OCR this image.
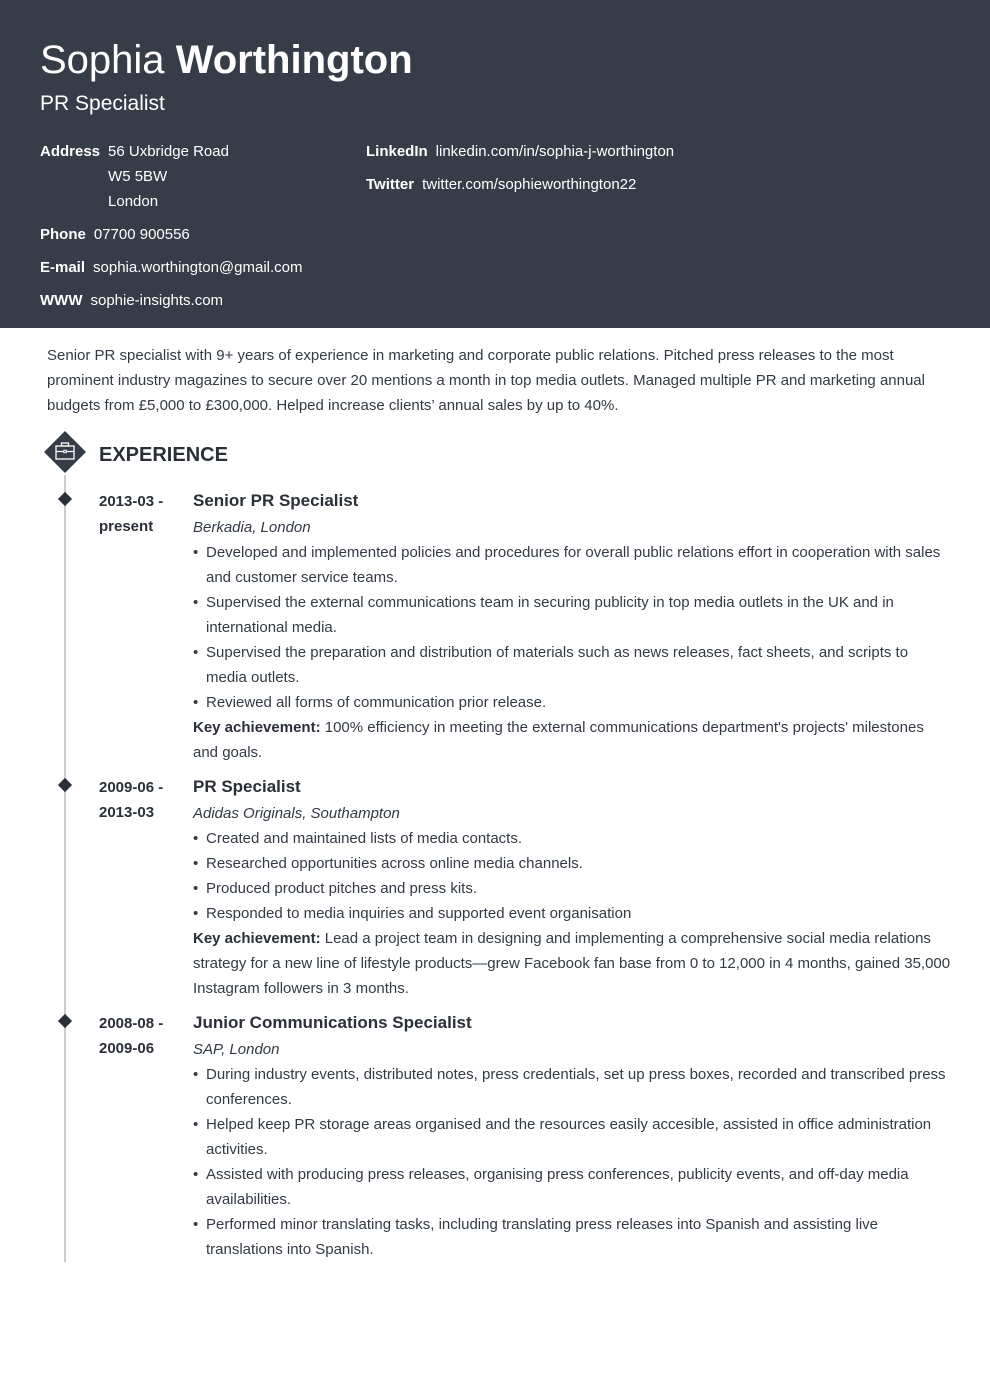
Sophia Worthington
PR Specialist
Address 56 Uxbridge Road
W5 5BW
London
Phone 07700 900556
E-mail sophia.worthington@gmail.com
WWW sophie-insights.com
LinkedIn linkedin.com/in/sophia-j-worthington
Twitter twitter.com/sophieworthington22
Senior PR specialist with 9+ years of experience in marketing and corporate public relations. Pitched press releases to the most prominent industry magazines to secure over 20 mentions a month in top media outlets. Managed multiple PR and marketing annual budgets from £5,000 to £300,000. Helped increase clients’ annual sales by up to 40%.
EXPERIENCE
2013-03 -
present
Senior PR Specialist
Berkadia, London
• Developed and implemented policies and procedures for overall public relations effort in cooperation with sales and customer service teams.
• Supervised the external communications team in securing publicity in top media outlets in the UK and in international media.
• Supervised the preparation and distribution of materials such as news releases, fact sheets, and scripts to media outlets.
• Reviewed all forms of communication prior release.
Key achievement: 100% efficiency in meeting the external communications department's projects' milestones and goals.
2009-06 -
2013-03
PR Specialist
Adidas Originals, Southampton
• Created and maintained lists of media contacts.
• Researched opportunities across online media channels.
• Produced product pitches and press kits.
• Responded to media inquiries and supported event organisation
Key achievement: Lead a project team in designing and implementing a comprehensive social media relations strategy for a new line of lifestyle products—grew Facebook fan base from 0 to 12,000 in 4 months, gained 35,000 Instagram followers in 3 months.
2008-08 -
2009-06
Junior Communications Specialist
SAP, London
• During industry events, distributed notes, press credentials, set up press boxes, recorded and transcribed press conferences.
• Helped keep PR storage areas organised and the resources easily accesible, assisted in office administration activities.
• Assisted with producing press releases, organising press conferences, publicity events, and off-day media availabilities.
• Performed minor translating tasks, including translating press releases into Spanish and assisting live translations into Spanish.
